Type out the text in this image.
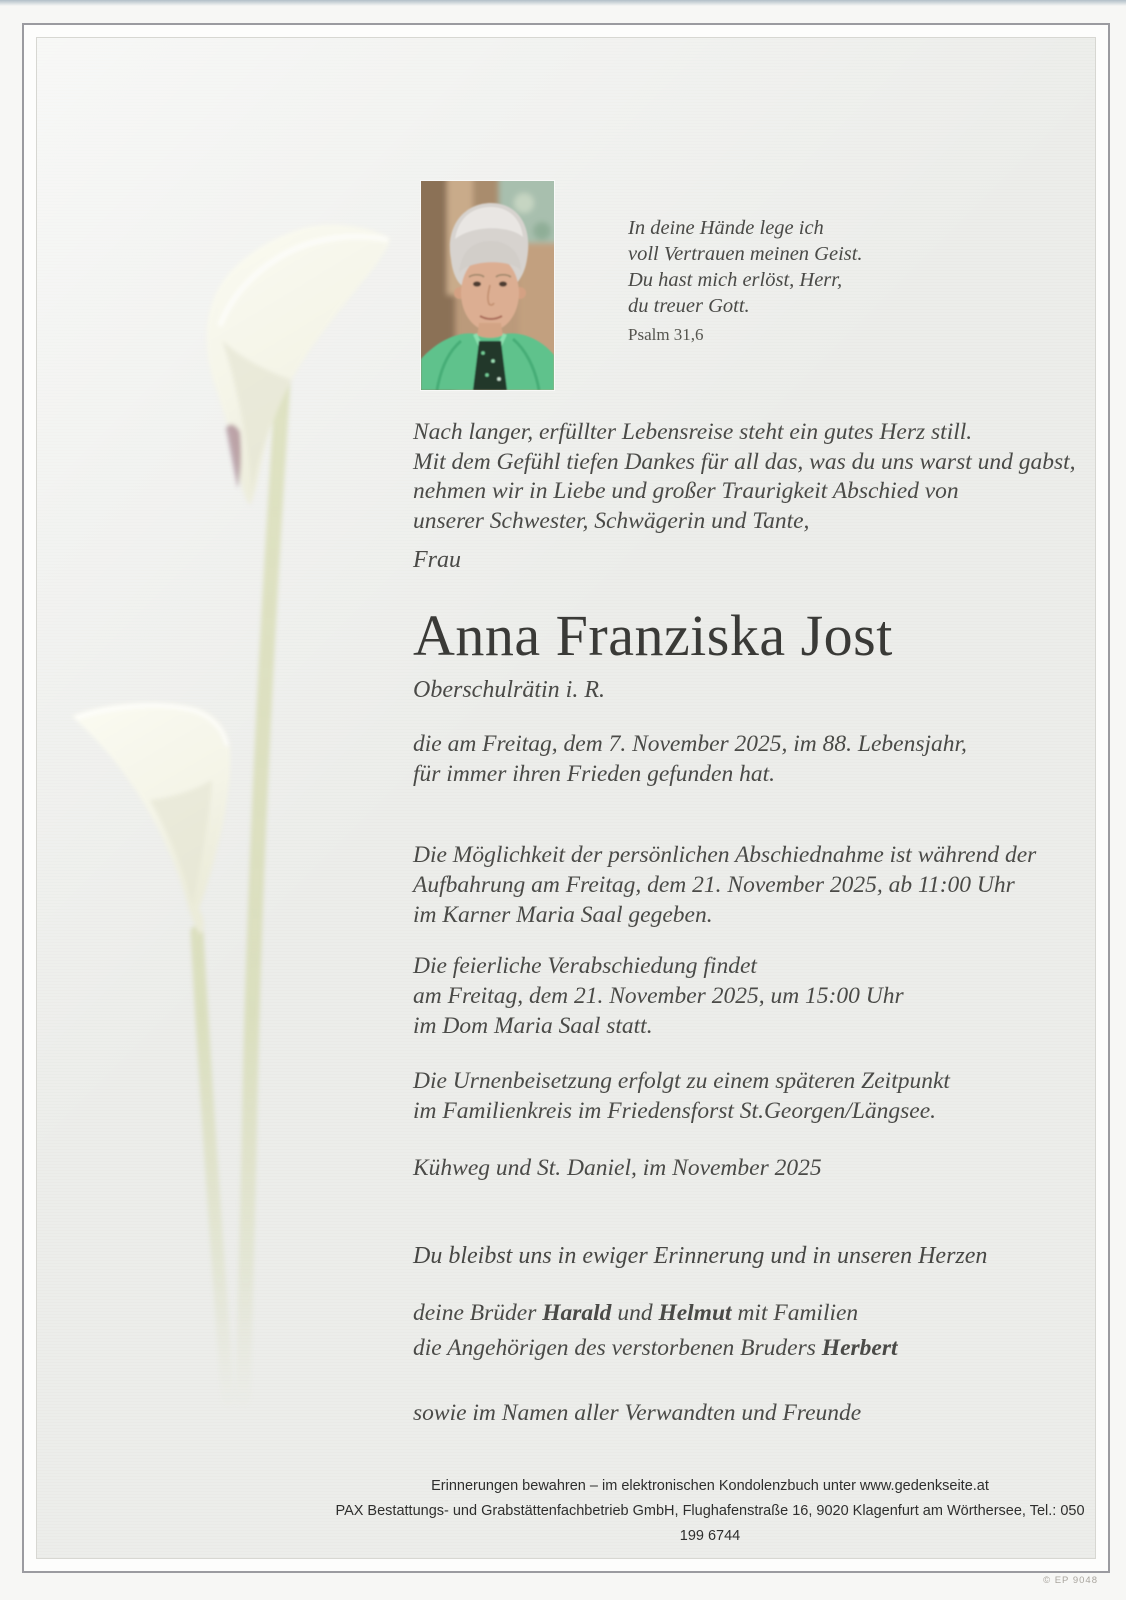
In deine Hände lege ich
voll Vertrauen meinen Geist.
Du hast mich erlöst, Herr,
du treuer Gott.
Psalm 31,6
Nach langer, erfüllter Lebensreise steht ein gutes Herz still.
Mit dem Gefühl tiefen Dankes für all das, was du uns warst und gabst,
nehmen wir in Liebe und großer Traurigkeit Abschied von
unserer Schwester, Schwägerin und Tante,
Frau
Anna Franziska Jost
Oberschulrätin i. R.
die am Freitag, dem 7. November 2025, im 88. Lebensjahr,
für immer ihren Frieden gefunden hat.
Die Möglichkeit der persönlichen Abschiednahme ist während der
Aufbahrung am Freitag, dem 21. November 2025, ab 11:00 Uhr
im Karner Maria Saal gegeben.
Die feierliche Verabschiedung findet
am Freitag, dem 21. November 2025, um 15:00 Uhr
im Dom Maria Saal statt.
Die Urnenbeisetzung erfolgt zu einem späteren Zeitpunkt
im Familienkreis im Friedensforst St.Georgen/Längsee.
Kühweg und St. Daniel, im November 2025
Du bleibst uns in ewiger Erinnerung und in unseren Herzen
deine Brüder Harald und Helmut mit Familien
die Angehörigen des verstorbenen Bruders Herbert
sowie im Namen aller Verwandten und Freunde
Erinnerungen bewahren – im elektronischen Kondolenzbuch unter www.gedenkseite.at
PAX Bestattungs- und Grabstättenfachbetrieb GmbH, Flughafenstraße 16, 9020 Klagenfurt am Wörthersee, Tel.: 050 199 6744
© EP 9048
